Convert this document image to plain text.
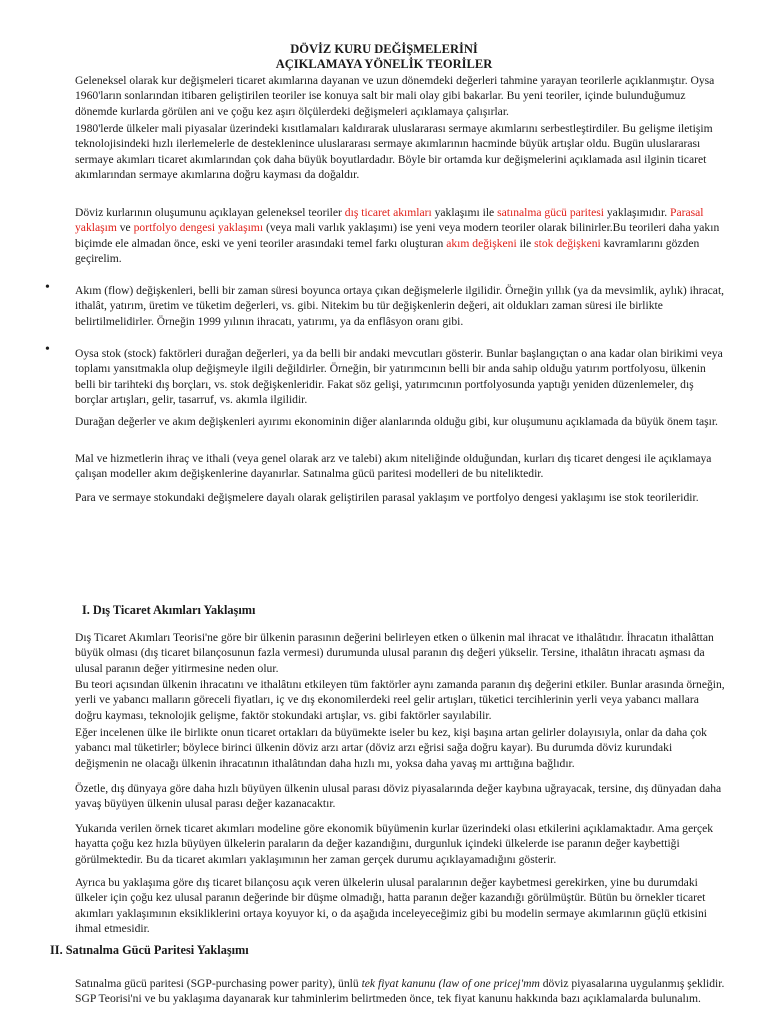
DÖVİZ KURU DEĞİŞMELERİNİ
AÇIKLAMAYA YÖNELİK TEORİLER

Geleneksel olarak kur değişmeleri ticaret akımlarına dayanan ve uzun dönemdeki değerleri tahmine yarayan teorilerle açıklanmıştır. Oysa 1960'ların sonlarından itibaren geliştirilen teoriler ise konuya salt bir mali olay gibi bakarlar. Bu yeni teoriler, içinde bulunduğumuz dönemde kurlarda görülen ani ve çoğu kez aşırı ölçülerdeki değişmeleri açıklamaya çalışırlar.

1980'lerde ülkeler mali piyasalar üzerindeki kısıtlamaları kaldırarak uluslararası sermaye akımlarını serbestleştirdiler. Bu gelişme iletişim teknolojisindeki hızlı ilerlemelerle de desteklenince uluslararası sermaye akımlarının hacminde büyük artışlar oldu. Bugün uluslararası sermaye akımları ticaret akımlarından çok daha büyük boyutlardadır. Böyle bir ortamda kur değişmelerini açıklamada asıl ilginin ticaret akımlarından sermaye akımlarına doğru kayması da doğaldır.

Döviz kurlarının oluşumunu açıklayan geleneksel teoriler dış ticaret akımları yaklaşımı ile satınalma gücü paritesi yaklaşımıdır. Parasal yaklaşım ve portfolyo dengesi yaklaşımı (veya mali varlık yaklaşımı) ise yeni veya modern teoriler olarak bilinirler.Bu teorileri daha yakın biçimde ele almadan önce, eski ve yeni teoriler arasındaki temel farkı oluşturan akım değişkeni ile stok değişkeni kavramlarını gözden geçirelim.

• Akım (flow) değişkenleri, belli bir zaman süresi boyunca ortaya çıkan değişmelerle ilgilidir. Örneğin yıllık (ya da mevsimlik, aylık) ihracat, ithalât, yatırım, üretim ve tüketim değerleri, vs. gibi. Nitekim bu tür değişkenlerin değeri, ait oldukları zaman süresi ile birlikte belirtilmelidirler. Örneğin 1999 yılının ihracatı, yatırımı, ya da enflâsyon oranı gibi.

• Oysa stok (stock) faktörleri durağan değerleri, ya da belli bir andaki mevcutları gösterir. Bunlar başlangıçtan o ana kadar olan birikimi veya toplamı yansıtmakla olup değişmeyle ilgili değildirler. Örneğin, bir yatırımcının belli bir anda sahip olduğu yatırım portfolyosu, ülkenin belli bir tarihteki dış borçları, vs. stok değişkenleridir. Fakat söz gelişi, yatırımcının portfolyosunda yaptığı yeniden düzenlemeler, dış borçlar artışları, gelir, tasarruf, vs. akımla ilgilidir.

Durağan değerler ve akım değişkenleri ayırımı ekonominin diğer alanlarında olduğu gibi, kur oluşumunu açıklamada da büyük önem taşır.

Mal ve hizmetlerin ihraç ve ithali (veya genel olarak arz ve talebi) akım niteliğinde olduğundan, kurları dış ticaret dengesi ile açıklamaya çalışan modeller akım değişkenlerine dayanırlar. Satınalma gücü paritesi modelleri de bu niteliktedir.

Para ve sermaye stokundaki değişmelere dayalı olarak geliştirilen parasal yaklaşım ve portfolyo dengesi yaklaşımı ise stok teorileridir.

I. Dış Ticaret Akımları Yaklaşımı

Dış Ticaret Akımları Teorisi'ne göre bir ülkenin parasının değerini belirleyen etken o ülkenin mal ihracat ve ithalâtıdır. İhracatın ithalâttan büyük olması (dış ticaret bilançosunun fazla vermesi) durumunda ulusal paranın dış değeri yükselir. Tersine, ithalâtın ihracatı aşması da ulusal paranın değer yitirmesine neden olur.

Bu teori açısından ülkenin ihracatını ve ithalâtını etkileyen tüm faktörler aynı zamanda paranın dış değerini etkiler. Bunlar arasında örneğin, yerli ve yabancı malların göreceli fiyatları, iç ve dış ekonomilerdeki reel gelir artışları, tüketici tercihlerinin yerli veya yabancı mallara doğru kayması, teknolojik gelişme, faktör stokundaki artışlar, vs. gibi faktörler sayılabilir.

Eğer incelenen ülke ile birlikte onun ticaret ortakları da büyümekte iseler bu kez, kişi başına artan gelirler dolayısıyla, onlar da daha çok yabancı mal tüketirler; böylece birinci ülkenin döviz arzı artar (döviz arzı eğrisi sağa doğru kayar). Bu durumda döviz kurundaki değişmenin ne olacağı ülkenin ihracatının ithalâtından daha hızlı mı, yoksa daha yavaş mı arttığına bağlıdır.

Özetle, dış dünyaya göre daha hızlı büyüyen ülkenin ulusal parası döviz piyasalarında değer kaybına uğrayacak, tersine, dış dünyadan daha yavaş büyüyen ülkenin ulusal parası değer kazanacaktır.

Yukarıda verilen örnek ticaret akımları modeline göre ekonomik büyümenin kurlar üzerindeki olası etkilerini açıklamaktadır. Ama gerçek hayatta çoğu kez hızla büyüyen ülkelerin paraların da değer kazandığını, durgunluk içindeki ülkelerde ise paranın değer kaybettiği görülmektedir. Bu da ticaret akımları yaklaşımının her zaman gerçek durumu açıklayamadığını gösterir.

Ayrıca bu yaklaşıma göre dış ticaret bilançosu açık veren ülkelerin ulusal paralarının değer kaybetmesi gerekirken, yine bu durumdaki ülkeler için çoğu kez ulusal paranın değerinde bir düşme olmadığı, hatta paranın değer kazandığı görülmüştür. Bütün bu örnekler ticaret akımları yaklaşımının eksikliklerini ortaya koyuyor ki, o da aşağıda inceleyeceğimiz gibi bu modelin sermaye akımlarının güçlü etkisini ihmal etmesidir.

II. Satınalma Gücü Paritesi Yaklaşımı

Satınalma gücü paritesi (SGP-purchasing power parity), ünlü tek fiyat kanunu (law of one pricej'mm döviz piyasalarına uygulanmış şeklidir. SGP Teorisi'ni ve bu yaklaşıma dayanarak kur tahminlerim belirtmeden önce, tek fiyat kanunu hakkında bazı açıklamalarda bulunalım.
